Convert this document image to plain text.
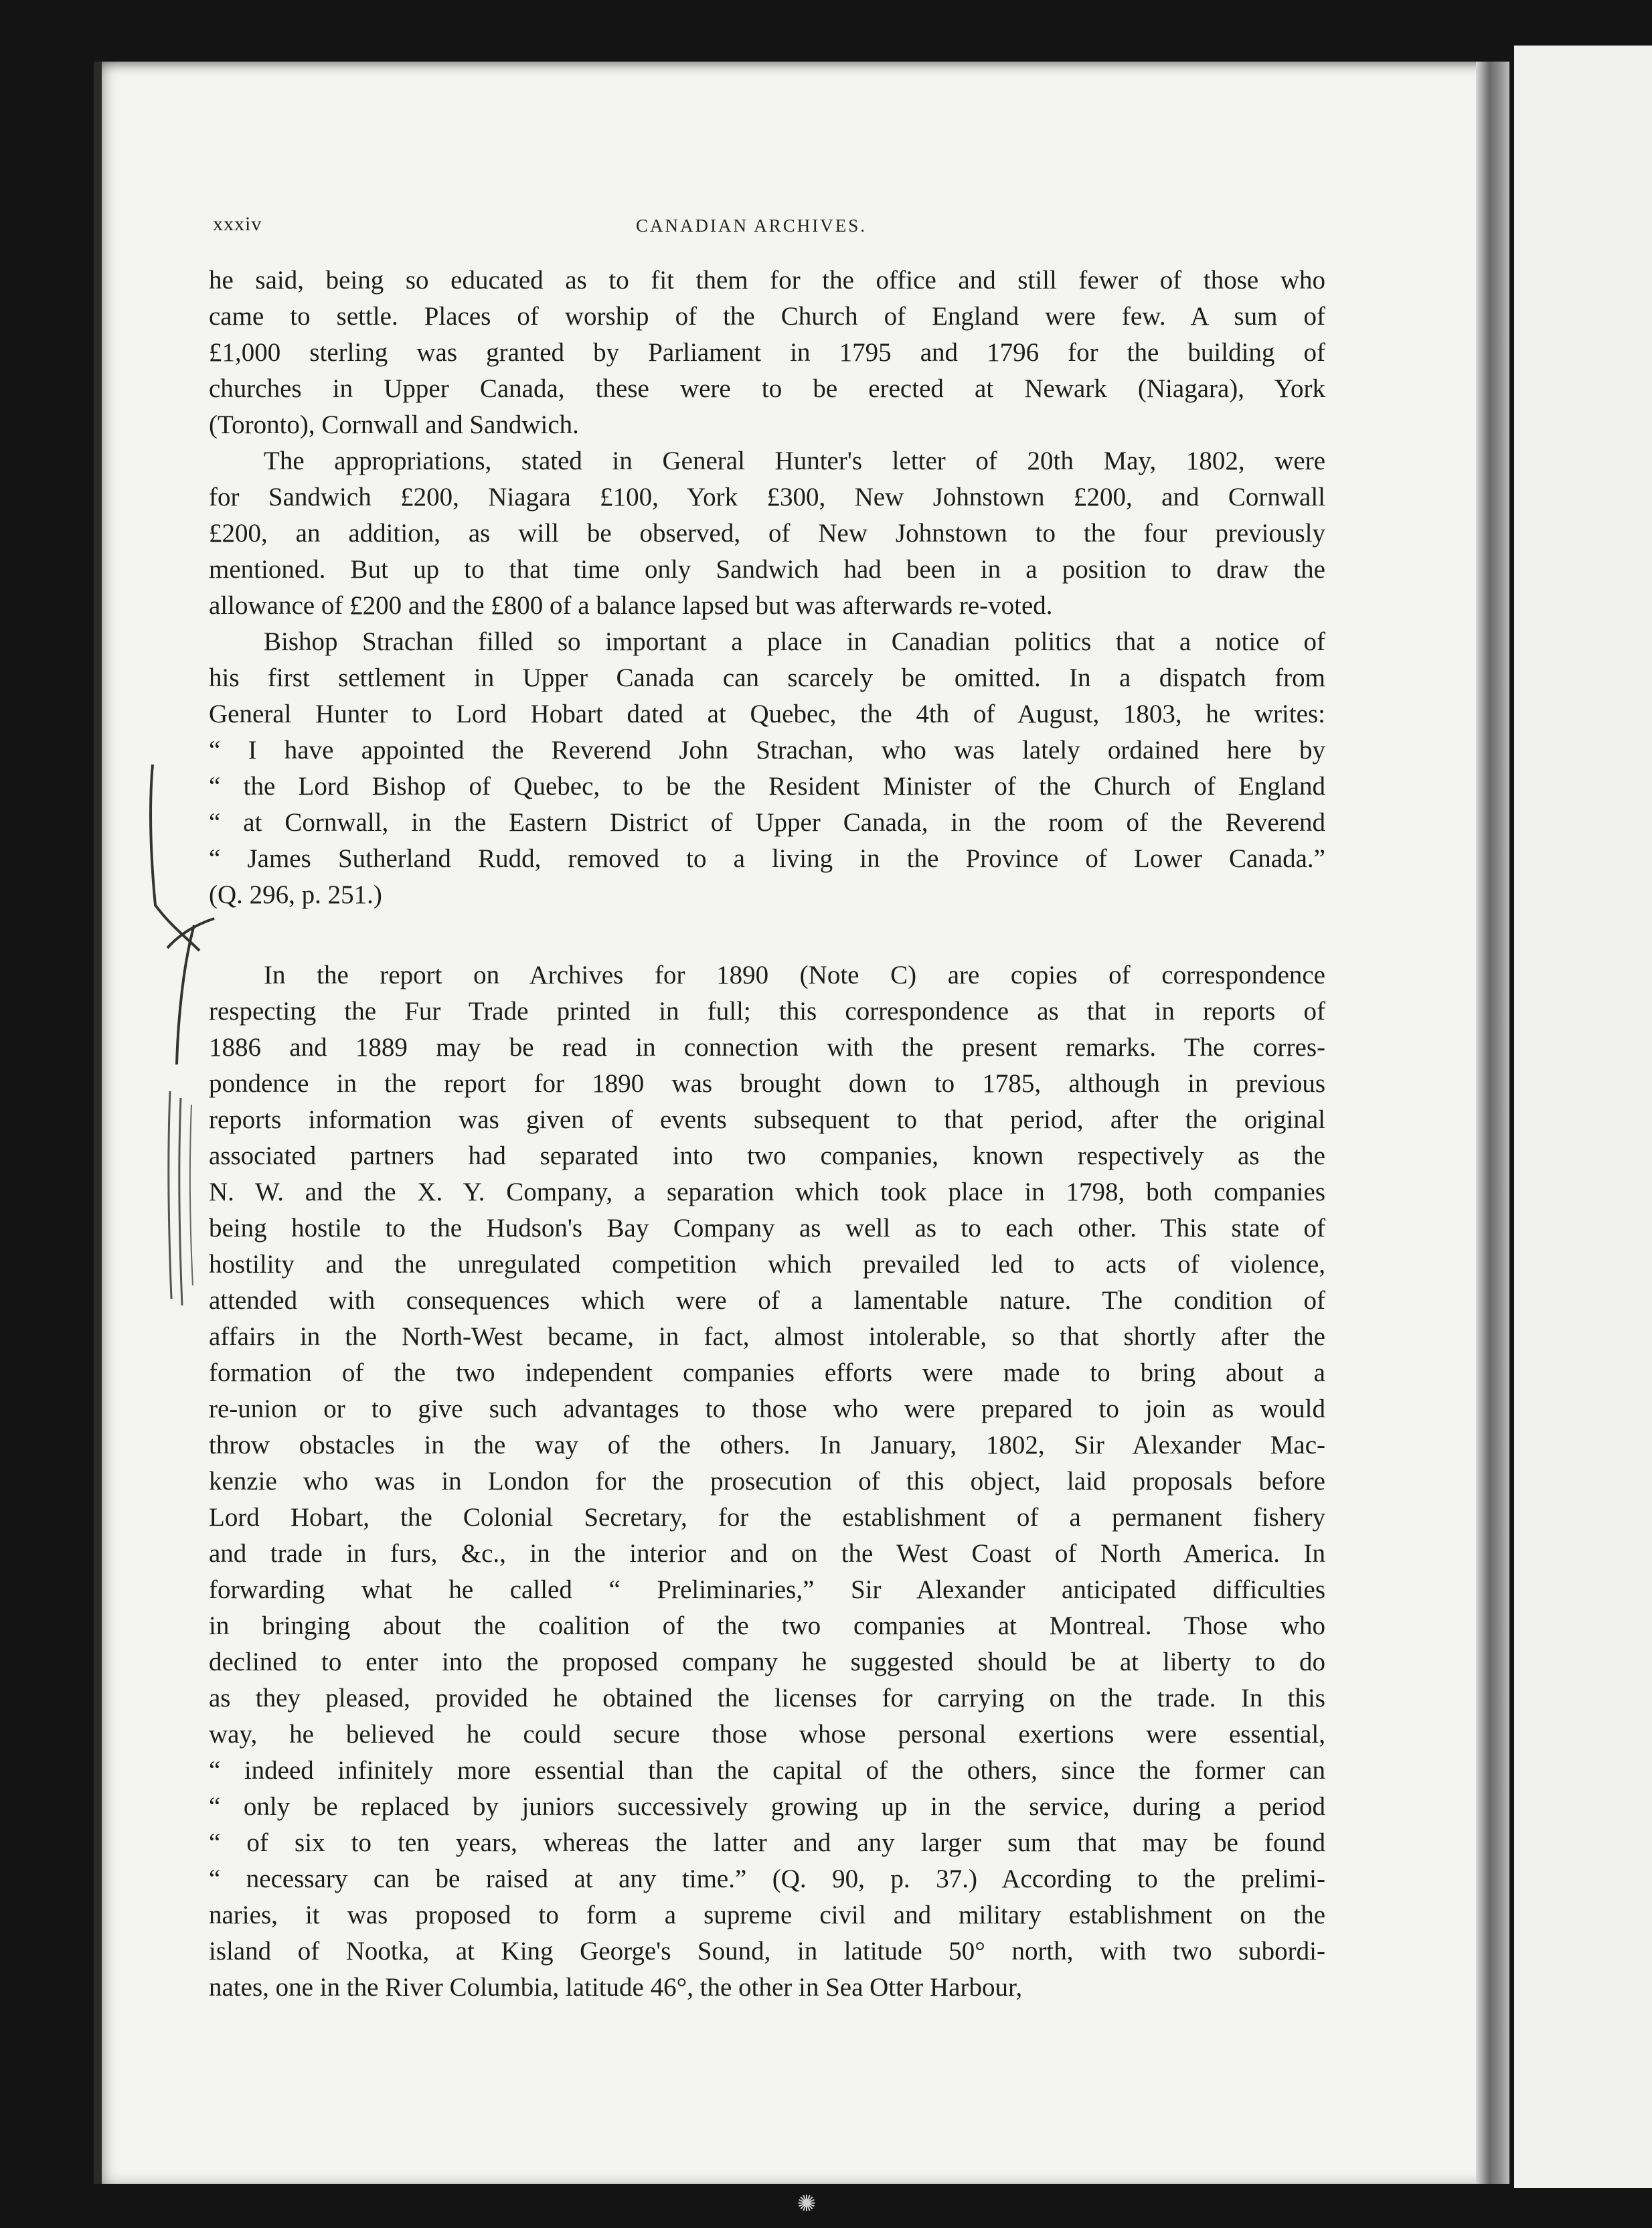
xxxiv	CANADIAN ARCHIVES.
he said, being so educated as to fit them for the office and still fewer of those who
came to settle. Places of worship of the Church of England were few. A sum of
£1,000 sterling was granted by Parliament in 1795 and 1796 for the building of
churches in Upper Canada, these were to be erected at Newark (Niagara), York
(Toronto), Cornwall and Sandwich.
The appropriations, stated in General Hunter's letter of 20th May, 1802, were
for Sandwich £200, Niagara £100, York £300, New Johnstown £200, and Cornwall
£200, an addition, as will be observed, of New Johnstown to the four previously
mentioned. But up to that time only Sandwich had been in a position to draw the
allowance of £200 and the £800 of a balance lapsed but was afterwards re-voted.
Bishop Strachan filled so important a place in Canadian politics that a notice of
his first settlement in Upper Canada can scarcely be omitted. In a dispatch from
General Hunter to Lord Hobart dated at Quebec, the 4th of August, 1803, he writes:
“ I have appointed the Reverend John Strachan, who was lately ordained here by
“ the Lord Bishop of Quebec, to be the Resident Minister of the Church of England
“ at Cornwall, in the Eastern District of Upper Canada, in the room of the Reverend
“ James Sutherland Rudd, removed to a living in the Province of Lower Canada.”
(Q. 296, p. 251.)
In the report on Archives for 1890 (Note C) are copies of correspondence
respecting the Fur Trade printed in full; this correspondence as that in reports of
1886 and 1889 may be read in connection with the present remarks. The corres-
pondence in the report for 1890 was brought down to 1785, although in previous
reports information was given of events subsequent to that period, after the original
associated partners had separated into two companies, known respectively as the
N. W. and the X. Y. Company, a separation which took place in 1798, both companies
being hostile to the Hudson's Bay Company as well as to each other. This state of
hostility and the unregulated competition which prevailed led to acts of violence,
attended with consequences which were of a lamentable nature. The condition of
affairs in the North-West became, in fact, almost intolerable, so that shortly after the
formation of the two independent companies efforts were made to bring about a
re-union or to give such advantages to those who were prepared to join as would
throw obstacles in the way of the others. In January, 1802, Sir Alexander Mac-
kenzie who was in London for the prosecution of this object, laid proposals before
Lord Hobart, the Colonial Secretary, for the establishment of a permanent fishery
and trade in furs, &c., in the interior and on the West Coast of North America. In
forwarding what he called “ Preliminaries,” Sir Alexander anticipated difficulties
in bringing about the coalition of the two companies at Montreal. Those who
declined to enter into the proposed company he suggested should be at liberty to do
as they pleased, provided he obtained the licenses for carrying on the trade. In this
way, he believed he could secure those whose personal exertions were essential,
“ indeed infinitely more essential than the capital of the others, since the former can
“ only be replaced by juniors successively growing up in the service, during a period
“ of six to ten years, whereas the latter and any larger sum that may be found
“ necessary can be raised at any time.” (Q. 90, p. 37.) According to the prelimi-
naries, it was proposed to form a supreme civil and military establishment on the
island of Nootka, at King George's Sound, in latitude 50° north, with two subordi-
nates, one in the River Columbia, latitude 46°, the other in Sea Otter Harbour,
✺
